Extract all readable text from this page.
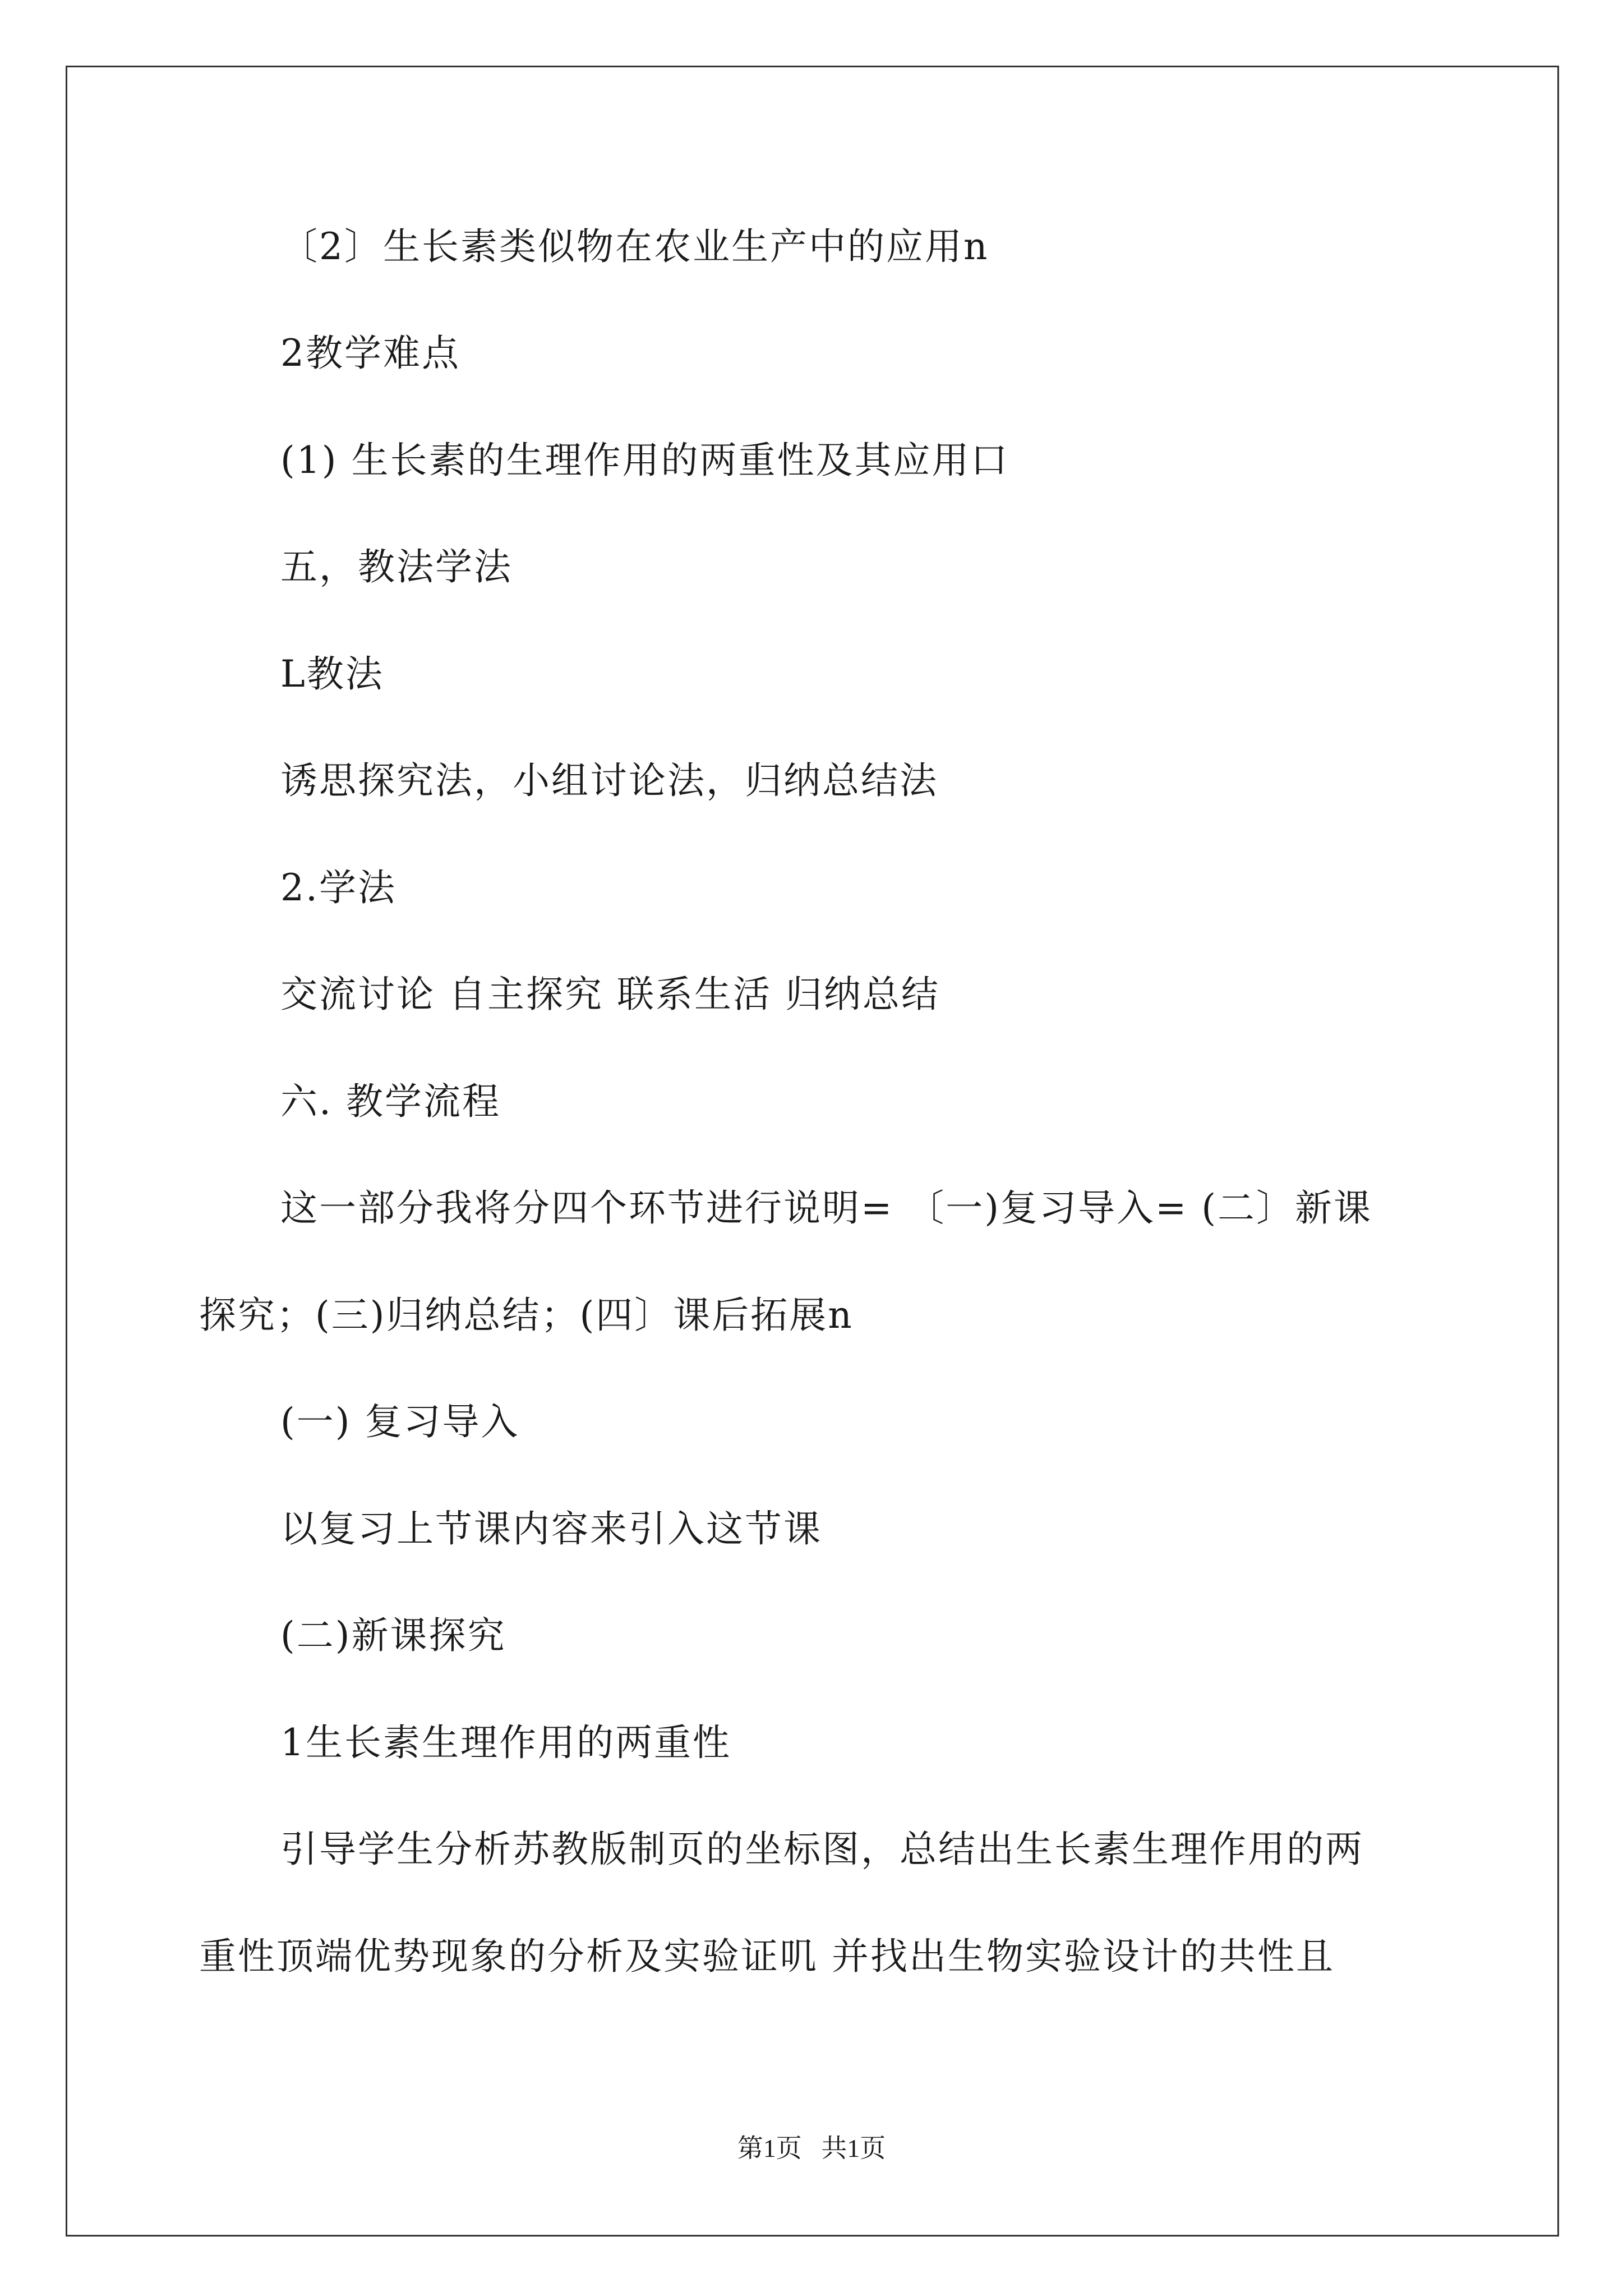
〔2〕生长素类似物在农业生产中的应用n
2教学难点
(1) 生长素的生理作用的两重性及其应用口
五，教法学法
L教法
诱思探究法，小组讨论法，归纳总结法
2.学法
交流讨论 自主探究 联系生活 归纳总结
六. 教学流程
这一部分我将分四个环节进行说明= 〔一)复习导入= (二〕新课
探究；(三)归纳总结；(四〕课后拓展n
(一) 复习导入
以复习上节课内容来引入这节课
(二)新课探究
1生长素生理作用的两重性
引导学生分析苏教版制页的坐标图，总结出生长素生理作用的两
重性顶端优势现象的分析及实验证叽 并找出生物实验设计的共性且
第1页   共1页
